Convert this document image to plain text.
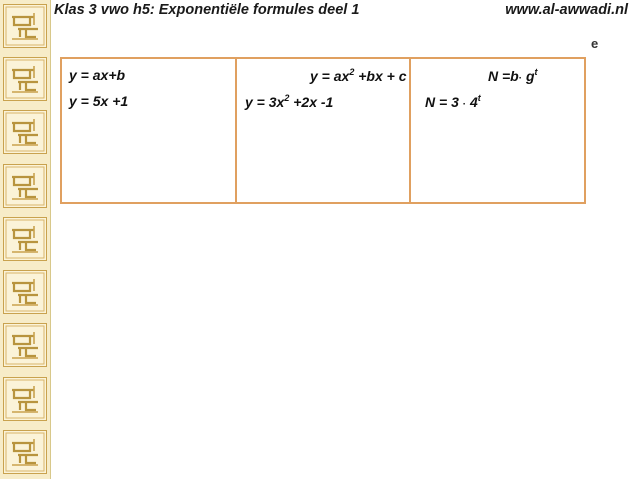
Klas 3 vwo h5: Exponentiële formules deel 1	www.al-awwadi.nl
e
y = ax+b
y = 5x +1
$y = ax^2 +bx + c$
$y = 3x^2 +2x$ -1
$N =b\cdot g^t$
$N = 3 \cdot 4^t$
